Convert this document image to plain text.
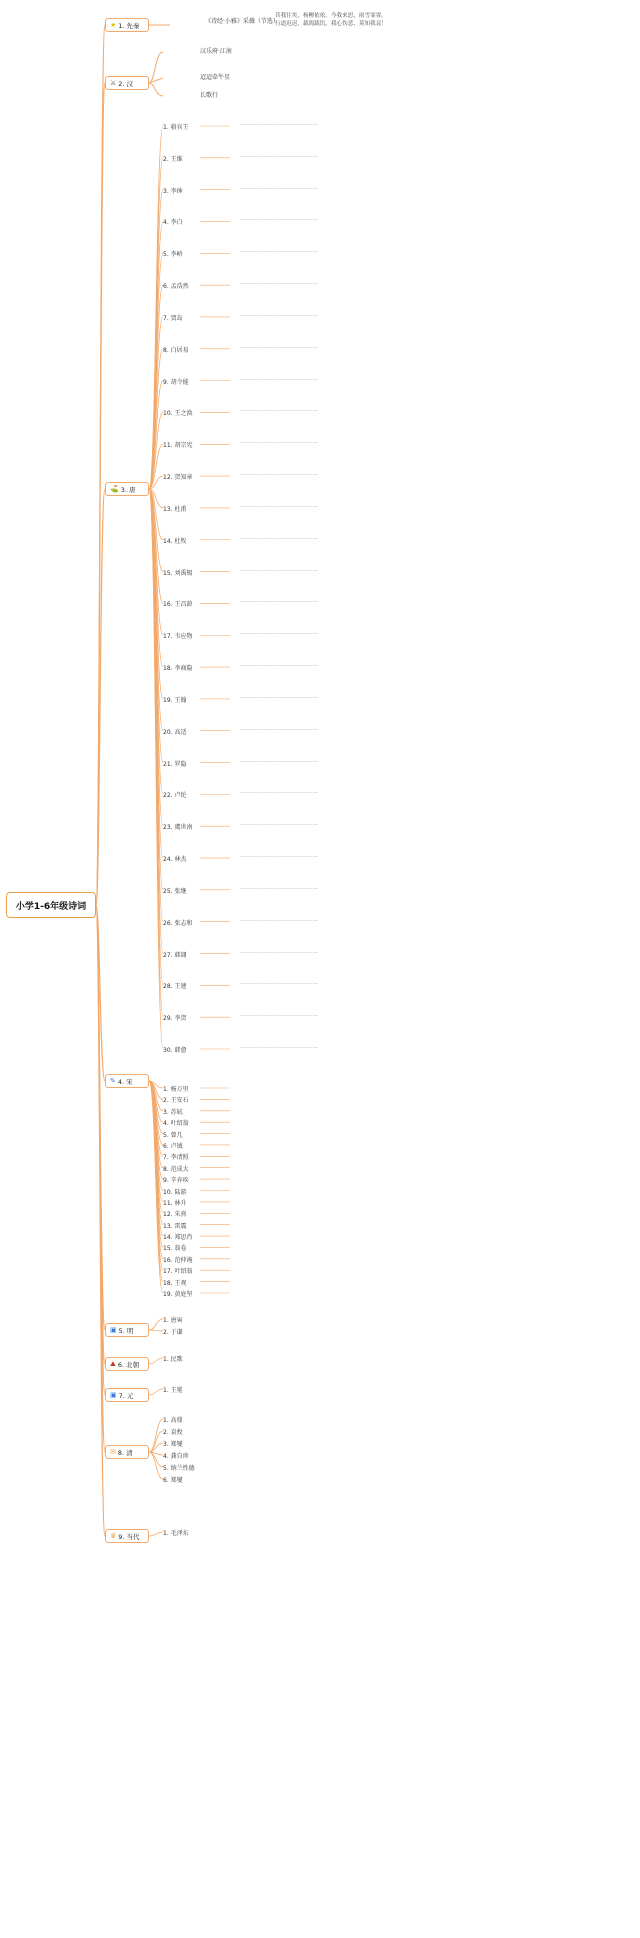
小学1-6年级诗词
★ 1. 先秦
⚔ 2. 汉
⛳ 3. 唐
✎ 4. 宋
▣ 5. 明
⛰ 6. 北朝
▣ 7. 元
✉ 8. 清
♛ 9. 当代
《诗经·小雅》采薇（节选）
昔我往矣，杨柳依依。今我来思，雨雪霏霏。行道迟迟，载渴载饥。我心伤悲，莫知我哀！
汉乐府·江南
迢迢牵牛星
长歌行
1. 骆宾王	——————————————
2. 王维	——————————————
3. 李绅	——————————————
4. 李白	——————————————
5. 李峤	——————————————
6. 孟浩然	——————————————
7. 贾岛	——————————————
8. 白居易	——————————————
9. 胡令能	——————————————
10. 王之涣	——————————————
11. 胡宗宪	——————————————
12. 贺知章	——————————————
13. 杜甫	——————————————
14. 杜牧	——————————————
15. 刘禹锡	——————————————
16. 王昌龄	——————————————
17. 韦应物	——————————————
18. 李商隐	——————————————
19. 王翰	——————————————
20. 高适	——————————————
21. 罗隐	——————————————
22. 卢纶	——————————————
23. 虞世南	——————————————
24. 林杰	——————————————
25. 张继	——————————————
26. 张志和	——————————————
27. 韩翃	——————————————
28. 王建	——————————————
29. 李贺	——————————————
30. 韩愈	——————————————
1. 杨万里
2. 王安石
3. 苏轼
4. 叶绍翁
5. 曾几
6. 卢钺
7. 李清照
8. 范成大
9. 辛弃疾
10. 陆游
11. 林升
12. 朱熹
13. 雷震
14. 郑思肖
15. 翁卷
16. 范仲淹
17. 叶绍翁
18. 王观
19. 黄庭坚
1. 唐寅
2. 于谦
1. 民歌
1. 王冕
1. 高鼎
2. 袁枚
3. 郑燮
4. 龚自珍
5. 纳兰性德
6. 郑燮
1. 毛泽东
